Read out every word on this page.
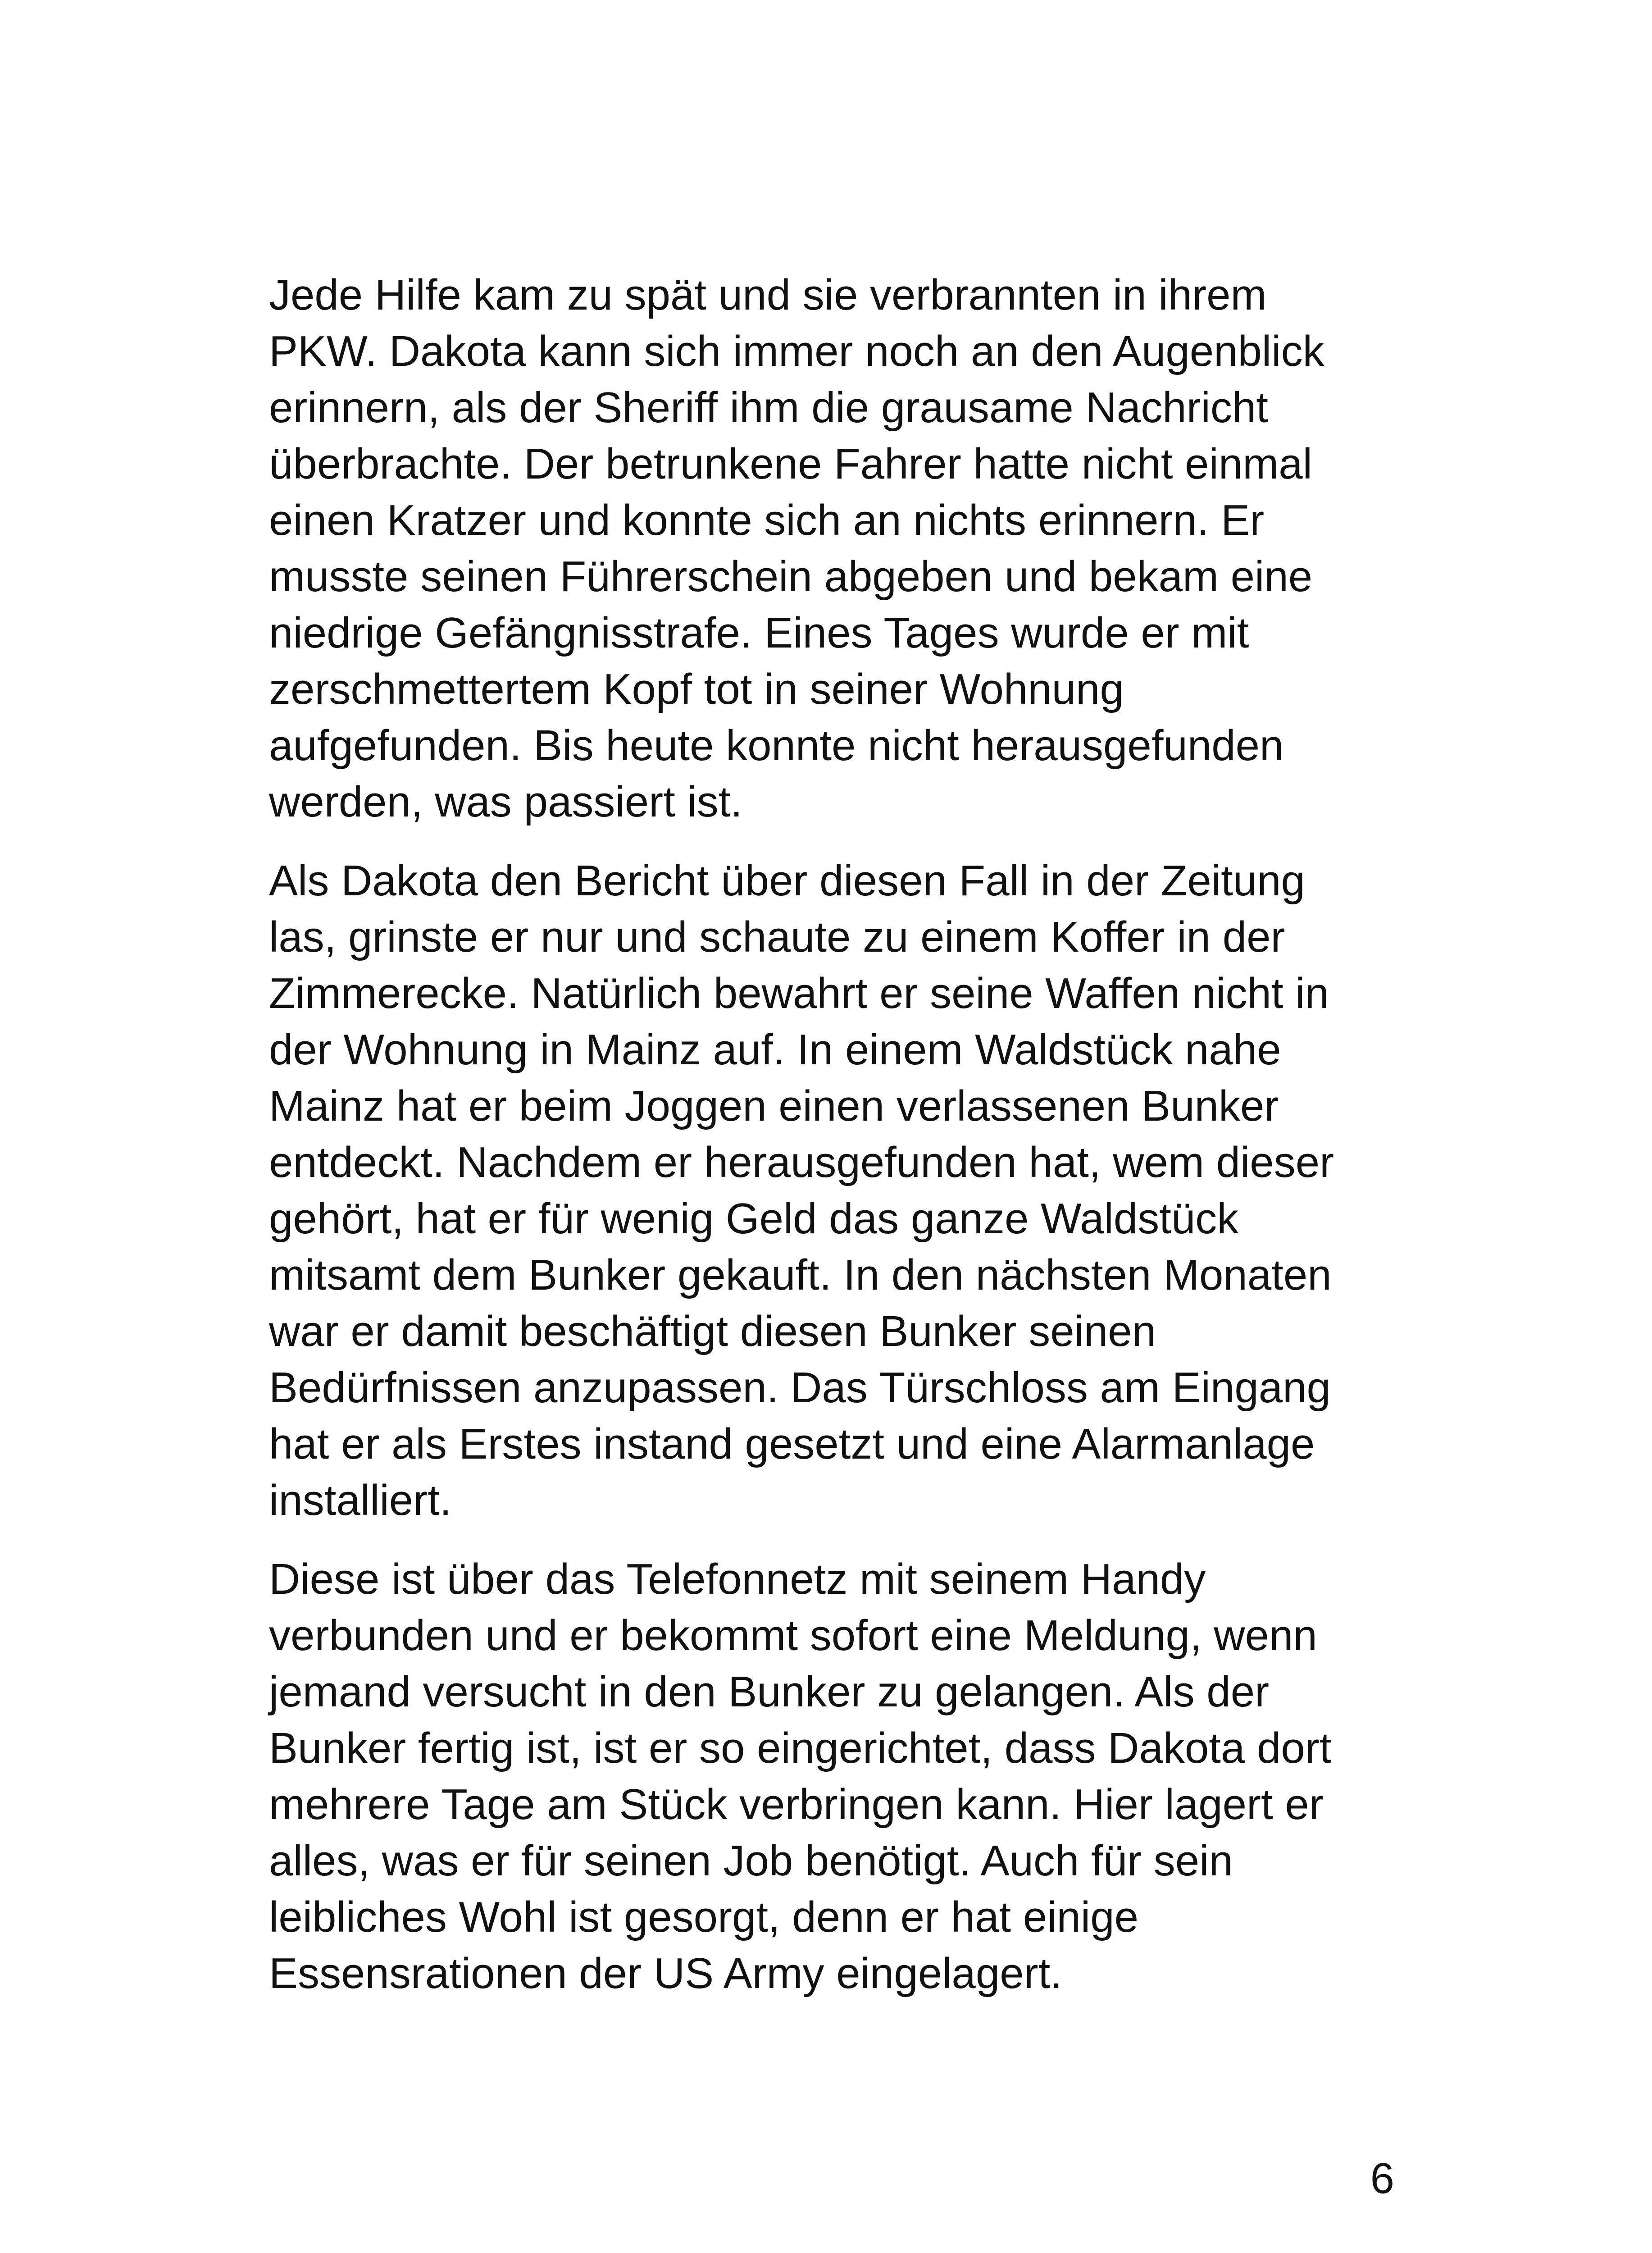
Jede Hilfe kam zu spät und sie verbrannten in ihrem
PKW. Dakota kann sich immer noch an den Augenblick
erinnern, als der Sheriff ihm die grausame Nachricht
überbrachte. Der betrunkene Fahrer hatte nicht einmal
einen Kratzer und konnte sich an nichts erinnern. Er
musste seinen Führerschein abgeben und bekam eine
niedrige Gefängnisstrafe. Eines Tages wurde er mit
zerschmettertem Kopf tot in seiner Wohnung
aufgefunden. Bis heute konnte nicht herausgefunden
werden, was passiert ist.

Als Dakota den Bericht über diesen Fall in der Zeitung
las, grinste er nur und schaute zu einem Koffer in der
Zimmerecke. Natürlich bewahrt er seine Waffen nicht in
der Wohnung in Mainz auf. In einem Waldstück nahe
Mainz hat er beim Joggen einen verlassenen Bunker
entdeckt. Nachdem er herausgefunden hat, wem dieser
gehört, hat er für wenig Geld das ganze Waldstück
mitsamt dem Bunker gekauft. In den nächsten Monaten
war er damit beschäftigt diesen Bunker seinen
Bedürfnissen anzupassen. Das Türschloss am Eingang
hat er als Erstes instand gesetzt und eine Alarmanlage
installiert.

Diese ist über das Telefonnetz mit seinem Handy
verbunden und er bekommt sofort eine Meldung, wenn
jemand versucht in den Bunker zu gelangen. Als der
Bunker fertig ist, ist er so eingerichtet, dass Dakota dort
mehrere Tage am Stück verbringen kann. Hier lagert er
alles, was er für seinen Job benötigt. Auch für sein
leibliches Wohl ist gesorgt, denn er hat einige
Essensrationen der US Army eingelagert.

6
